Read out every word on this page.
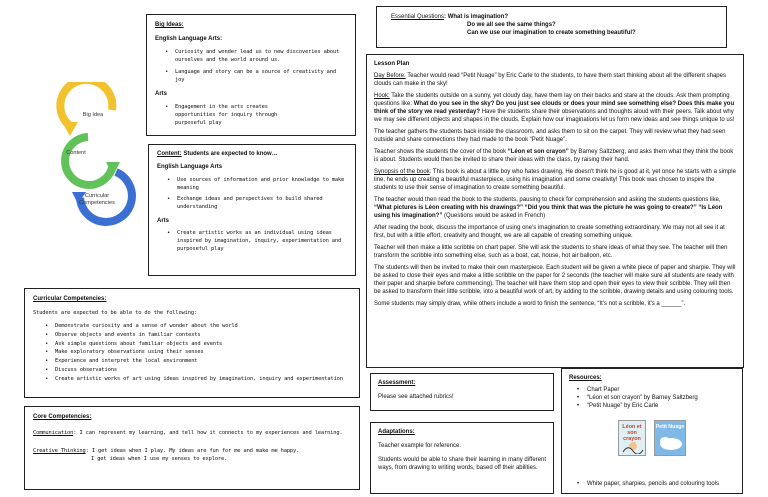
Big Ideas:
English Language Arts:
• Curiosity and wonder lead us to new discoveries about ourselves and the world around us.
• Language and story can be a source of creativity and joy
Arts
• Engagement in the arts creates opportunities for inquiry through purposeful play
Big Idea
Content
Curricular Competencies
Content: Students are expected to know…
English Language Arts
• Use sources of information and prior knowledge to make meaning
• Exchange ideas and perspectives to build shared understanding
Arts
• Create artistic works as an individual using ideas inspired by imagination, inquiry, experimentation and purposeful play
Curricular Competencies:
Students are expected to be able to do the following:
• Demonstrate curiosity and a sense of wonder about the world
• Observe objects and events in familiar contexts
• Ask simple questions about familiar objects and events
• Make exploratory observations using their senses
• Experience and interpret the local environment
• Discuss observations
• Create artistic works of art using ideas inspired by imagination, inquiry and experimentation
Core Competencies:
Communication: I can represent my learning, and tell how it connects to my experiences and learning.
Creative Thinking: I get ideas when I play. My ideas are fun for me and make me happy.
I get ideas when I use my senses to explore.
Essential Questions: What is imagination?
Do we all see the same things?
Can we use our imagination to create something beautiful?
Lesson Plan

Day Before: Teacher would read “Petit Nuage” by Eric Carle to the students, to have them start thinking about all the different shapes clouds can make in the sky!

Hook: Take the students outside on a sunny, yet cloudy day, have them lay on their backs and stare at the clouds. Ask them prompting questions like: What do you see in the sky? Do you just see clouds or does your mind see something else? Does this make you think of the story we read yesterday? Have the students share their observations and thoughts aloud with their peers. Talk about why we may see different objects and shapes in the clouds. Explain how our imaginations let us form new ideas and see things unique to us!

The teacher gathers the students back inside the classroom, and asks them to sit on the carpet. They will review what they had seen outside and share connections they had made to the book “Petit Nuage”.

Teacher shows the students the cover of the book “Léon et son crayon” by Barney Saltzberg, and asks them what they think the book is about. Students would then be invited to share their ideas with the class, by raising their hand.

Synopsis of the book: This book is about a little boy who hates drawing. He doesn't think he is good at it, yet once he starts with a simple line, he ends up creating a beautiful masterpiece, using his imagination and some creativity! This book was chosen to inspire the students to use their sense of imagination to create something beautiful.

The teacher would then read the book to the students, pausing to check for comprehension and asking the students questions like, “What pictures is Léon creating with his drawings?” “Did you think that was the picture he was going to create?” “Is Léon using his imagination?” (Questions would be asked in French)

After reading the book, discuss the importance of using one's imagination to create something extraordinary. We may not all see it at first, but with a little effort, creativity and thought, we are all capable of creating something unique.

Teacher will then make a little scribble on chart paper. She will ask the students to share ideas of what they see. The teacher will then transform the scribble into something else, such as a boat, cat, house, hot air balloon, etc.

The students will then be invited to make their own masterpiece. Each student will be given a white piece of paper and sharpie. They will be asked to close their eyes and make a little scribble on the paper for 2 seconds (the teacher will make sure all students are ready with their paper and sharpie before commencing). The teacher will have them stop and open their eyes to view their scribble. They will then be asked to transform their little scribble, into a beautiful work of art, by adding to the scribble, drawing details and using colouring tools.

Some students may simply draw, while others include a word to finish the sentence, “It's not a scribble, it's a ______”.

Assessment:
Please see attached rubrics!
Adaptations:
Teacher example for reference.
Students would be able to share their learning in many different ways, from drawing to writing words, based off their abilities.
Resources:
• Chart Paper
• “Léon et son crayon” by Barney Saltzberg
• “Petit Nuage” by Eric Carle
• White paper, sharpies, pencils and colouring tools
Léon et son crayon
Petit Nuage
